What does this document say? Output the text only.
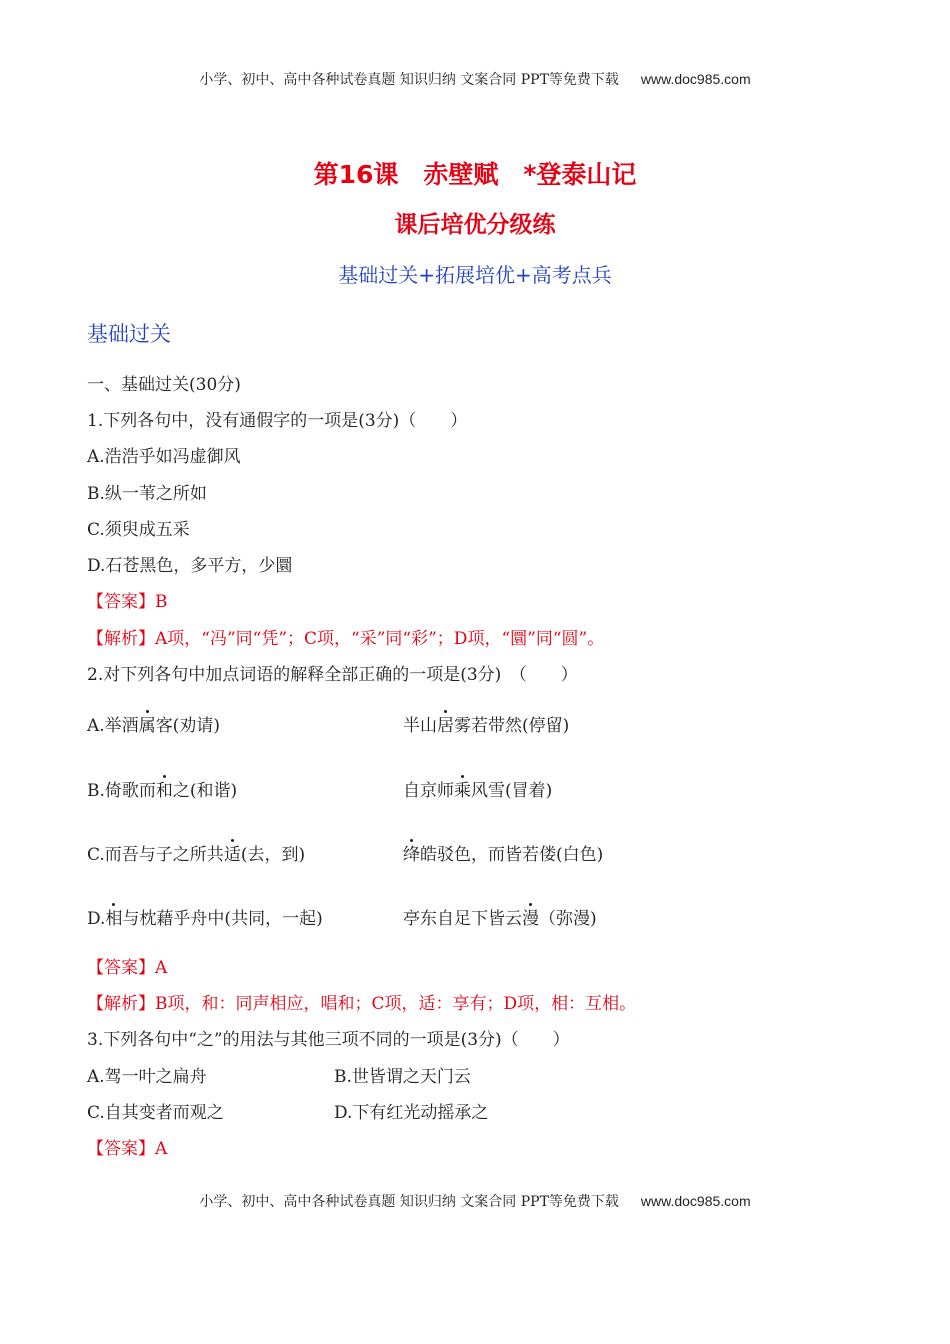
小学、初中、高中各种试卷真题 知识归纳 文案合同 PPT等免费下载 www.doc985.com
第16课　赤壁赋　*登泰山记
课后培优分级练
基础过关+拓展培优+高考点兵
基础过关
一、基础过关(30分)
1.下列各句中，没有通假字的一项是(3分)（　　）
A.浩浩乎如冯虚御风
B.纵一苇之所如
C.须臾成五采
D.石苍黑色，多平方，少圜
【答案】B
【解析】A项，“冯”同“凭”；C项，“采”同“彩”；D项，“圜”同“圆”。
2.对下列各句中加点词语的解释全部正确的一项是(3分)　（　　）
A.举酒属客(劝请)	半山居雾若带然(停留)
B.倚歌而和之(和谐)	自京师乘风雪(冒着)
C.而吾与子之所共适(去，到)	绛皓驳色，而皆若偻(白色)
D.相与枕藉乎舟中(共同，一起)	亭东自足下皆云漫（弥漫)
【答案】A
【解析】B项，和：同声相应，唱和；C项，适：享有；D项，相：互相。
3.下列各句中“之”的用法与其他三项不同的一项是(3分)（　　）
A.驾一叶之扁舟	B.世皆谓之天门云
C.自其变者而观之	D.下有红光动摇承之
【答案】A
小学、初中、高中各种试卷真题 知识归纳 文案合同 PPT等免费下载 www.doc985.com
